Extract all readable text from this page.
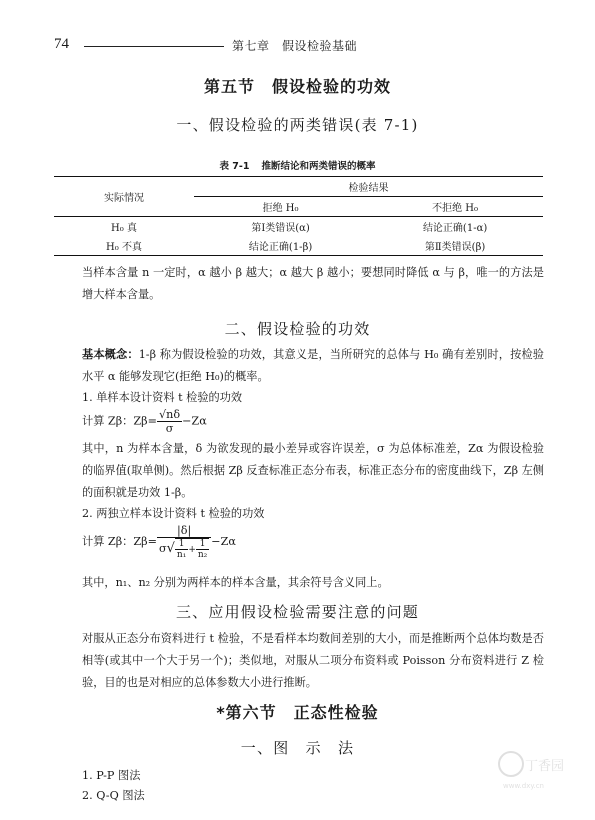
74	第七章　假设检验基础
第五节　假设检验的功效
一、假设检验的两类错误(表 7-1)
表 7-1 推断结论和两类错误的概率
实际情况	检验结果	
	拒绝 H₀	不拒绝 H₀
H₀ 真	第Ⅰ类错误(α)	结论正确(1-α)
H₀ 不真	结论正确(1-β)	第Ⅱ类错误(β)
当样本含量 n 一定时，α 越小 β 越大；α 越大 β 越小；要想同时降低 α 与 β，唯一的方法是增大样本含量。
二、假设检验的功效
基本概念：1-β 称为假设检验的功效，其意义是，当所研究的总体与 H₀ 确有差别时，按检验水平 α 能够发现它(拒绝 H₀)的概率。
1. 单样本设计资料 t 检验的功效
计算 Zβ：$Z\beta= \frac{√n\delta}{\sigma} -Z\alpha$
其中，n 为样本含量，δ 为欲发现的最小差异或容许误差，σ 为总体标准差，Zα 为假设检验的临界值(取单侧)。然后根据 Zβ 反查标准正态分布表，标准正态分布的密度曲线下，Zβ 左侧的面积就是功效 1-β。
2. 两独立样本设计资料 t 检验的功效
计算 Zβ：$Z\beta= \frac{|\delta|}{\sigma√ \frac{1}{\text{n₁}} + \frac{1}{\text{n₂}}} -Z\alpha$
其中，n₁、n₂ 分别为两样本的样本含量，其余符号含义同上。
三、应用假设检验需要注意的问题
对服从正态分布资料进行 t 检验，不是看样本均数间差别的大小，而是推断两个总体均数是否相等(或其中一个大于另一个)；类似地，对服从二项分布资料或 Poisson 分布资料进行 Z 检验，目的也是对相应的总体参数大小进行推断。
*第六节　正态性检验
一、图　示　法
1. P-P 图法
2. Q-Q 图法
丁香园
www.dxy.cn
